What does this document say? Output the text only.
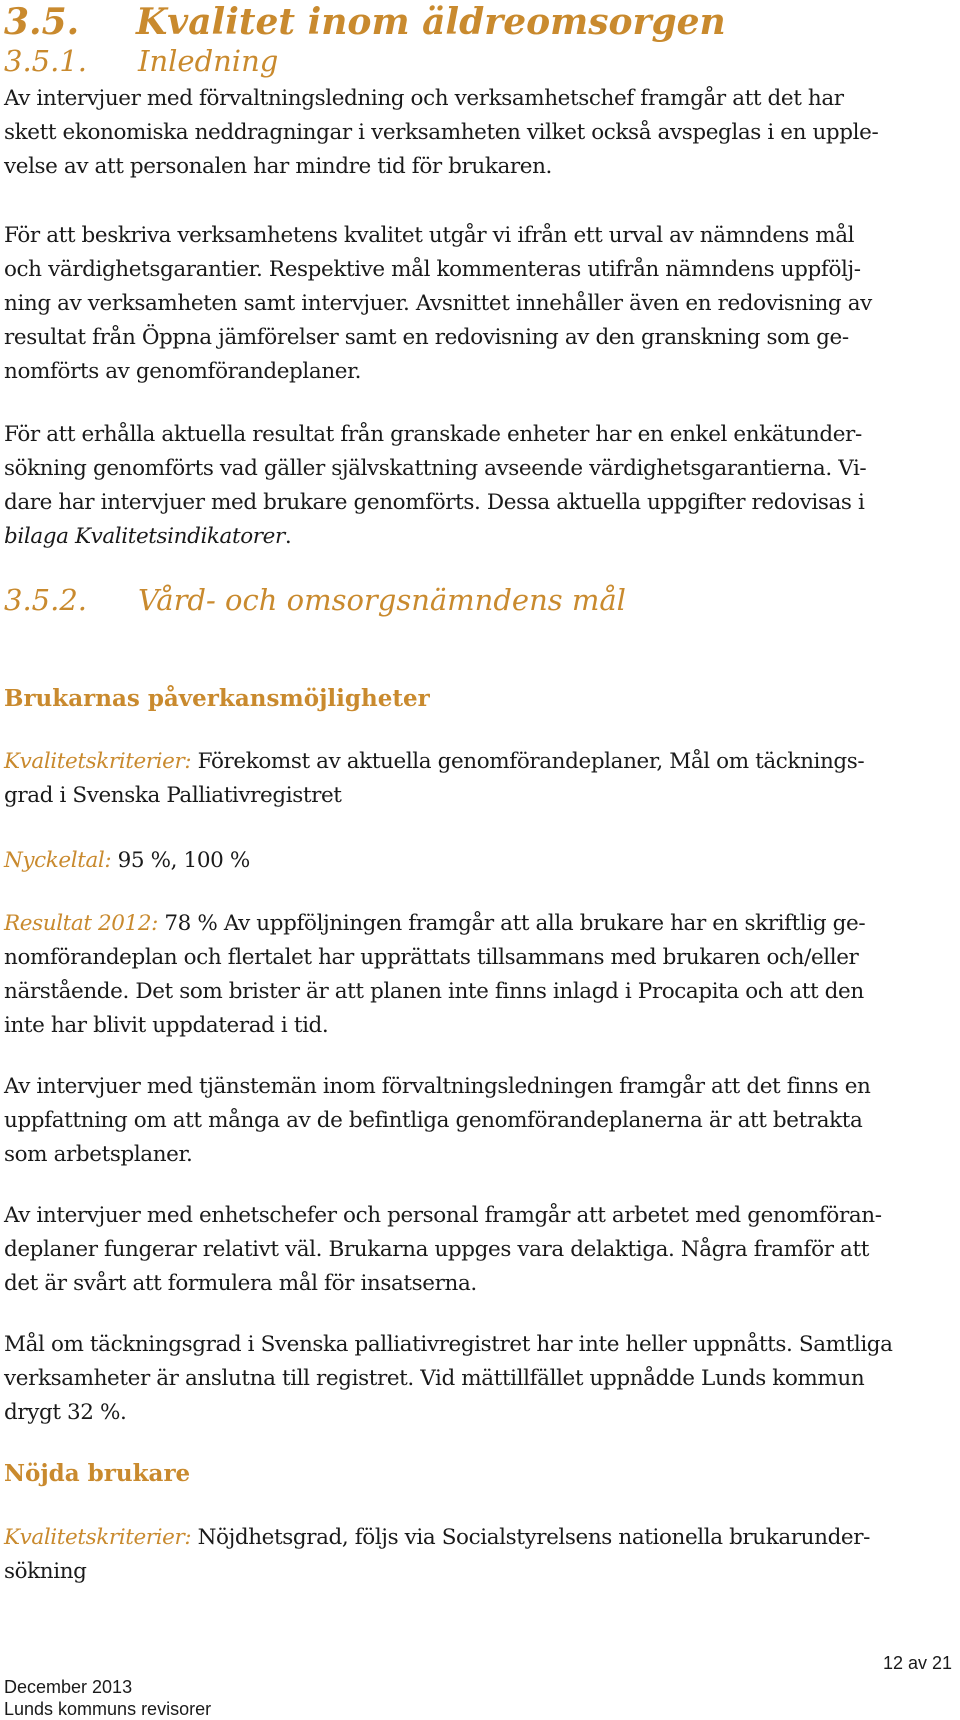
3.5. Kvalitet inom äldreomsorgen
3.5.1. Inledning

Av intervjuer med förvaltningsledning och verksamhetschef framgår att det har
skett ekonomiska neddragningar i verksamheten vilket också avspeglas i en upple-
velse av att personalen har mindre tid för brukaren.

För att beskriva verksamhetens kvalitet utgår vi ifrån ett urval av nämndens mål
och värdighetsgarantier. Respektive mål kommenteras utifrån nämndens uppfölj-
ning av verksamheten samt intervjuer. Avsnittet innehåller även en redovisning av
resultat från Öppna jämförelser samt en redovisning av den granskning som ge-
nomförts av genomförandeplaner.

För att erhålla aktuella resultat från granskade enheter har en enkel enkätunder-
sökning genomförts vad gäller självskattning avseende värdighetsgarantierna. Vi-
dare har intervjuer med brukare genomförts. Dessa aktuella uppgifter redovisas i
bilaga Kvalitetsindikatorer.

3.5.2. Vård- och omsorgsnämndens mål
Brukarnas påverkansmöjligheter

Kvalitetskriterier: Förekomst av aktuella genomförandeplaner, Mål om täcknings-
grad i Svenska Palliativregistret

Nyckeltal: 95 %, 100 %

Resultat 2012: 78 % Av uppföljningen framgår att alla brukare har en skriftlig ge-
nomförandeplan och flertalet har upprättats tillsammans med brukaren och/eller
närstående. Det som brister är att planen inte finns inlagd i Procapita och att den
inte har blivit uppdaterad i tid.

Av intervjuer med tjänstemän inom förvaltningsledningen framgår att det finns en
uppfattning om att många av de befintliga genomförandeplanerna är att betrakta
som arbetsplaner.

Av intervjuer med enhetschefer och personal framgår att arbetet med genomföran-
deplaner fungerar relativt väl. Brukarna uppges vara delaktiga. Några framför att
det är svårt att formulera mål för insatserna.

Mål om täckningsgrad i Svenska palliativregistret har inte heller uppnåtts. Samtliga
verksamheter är anslutna till registret. Vid mättillfället uppnådde Lunds kommun
drygt 32 %.

Nöjda brukare

Kvalitetskriterier: Nöjdhetsgrad, följs via Socialstyrelsens nationella brukarunder-
sökning

12 av 21
December 2013
Lunds kommuns revisorer
